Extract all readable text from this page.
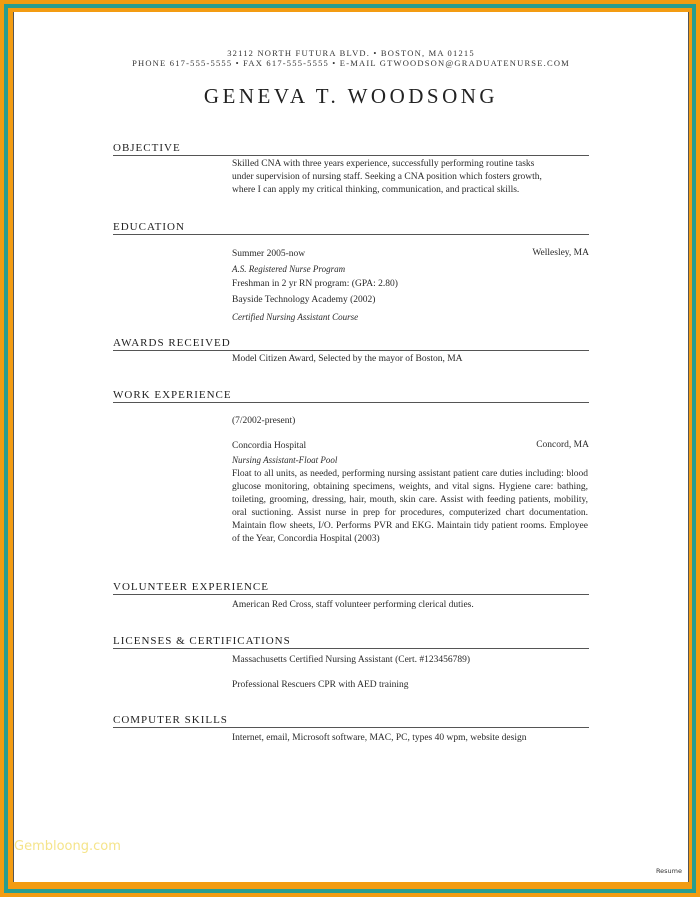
32112 NORTH FUTURA BLVD. • BOSTON, MA 01215
PHONE 617-555-5555 • FAX 617-555-5555 • E-MAIL GTWOODSON@GRADUATENURSE.COM
GENEVA T. WOODSONG
OBJECTIVE
Skilled CNA with three years experience, successfully performing routine tasks
under supervision of nursing staff. Seeking a CNA position which fosters growth,
where I can apply my critical thinking, communication, and practical skills.
EDUCATION
Summer 2005-now	Wellesley, MA
A.S. Registered Nurse Program
Freshman in 2 yr RN program: (GPA: 2.80)
Bayside Technology Academy (2002)
Certified Nursing Assistant Course
AWARDS RECEIVED
Model Citizen Award, Selected by the mayor of Boston, MA
WORK EXPERIENCE
(7/2002-present)
Concordia Hospital	Concord, MA
Nursing Assistant-Float Pool
Float to all units, as needed, performing nursing assistant patient care duties including: blood glucose monitoring, obtaining specimens, weights, and vital signs. Hygiene care: bathing, toileting, grooming, dressing, hair, mouth, skin care. Assist with feeding patients, mobility, oral suctioning. Assist nurse in prep for procedures, computerized chart documentation. Maintain flow sheets, I/O. Performs PVR and EKG. Maintain tidy patient rooms. Employee of the Year, Concordia Hospital (2003)
VOLUNTEER EXPERIENCE
American Red Cross, staff volunteer performing clerical duties.
LICENSES & CERTIFICATIONS
Massachusetts Certified Nursing Assistant (Cert. #123456789)
Professional Rescuers CPR with AED training
COMPUTER SKILLS
Internet, email, Microsoft software, MAC, PC, types 40 wpm, website design
Gembloong.com
Resume
